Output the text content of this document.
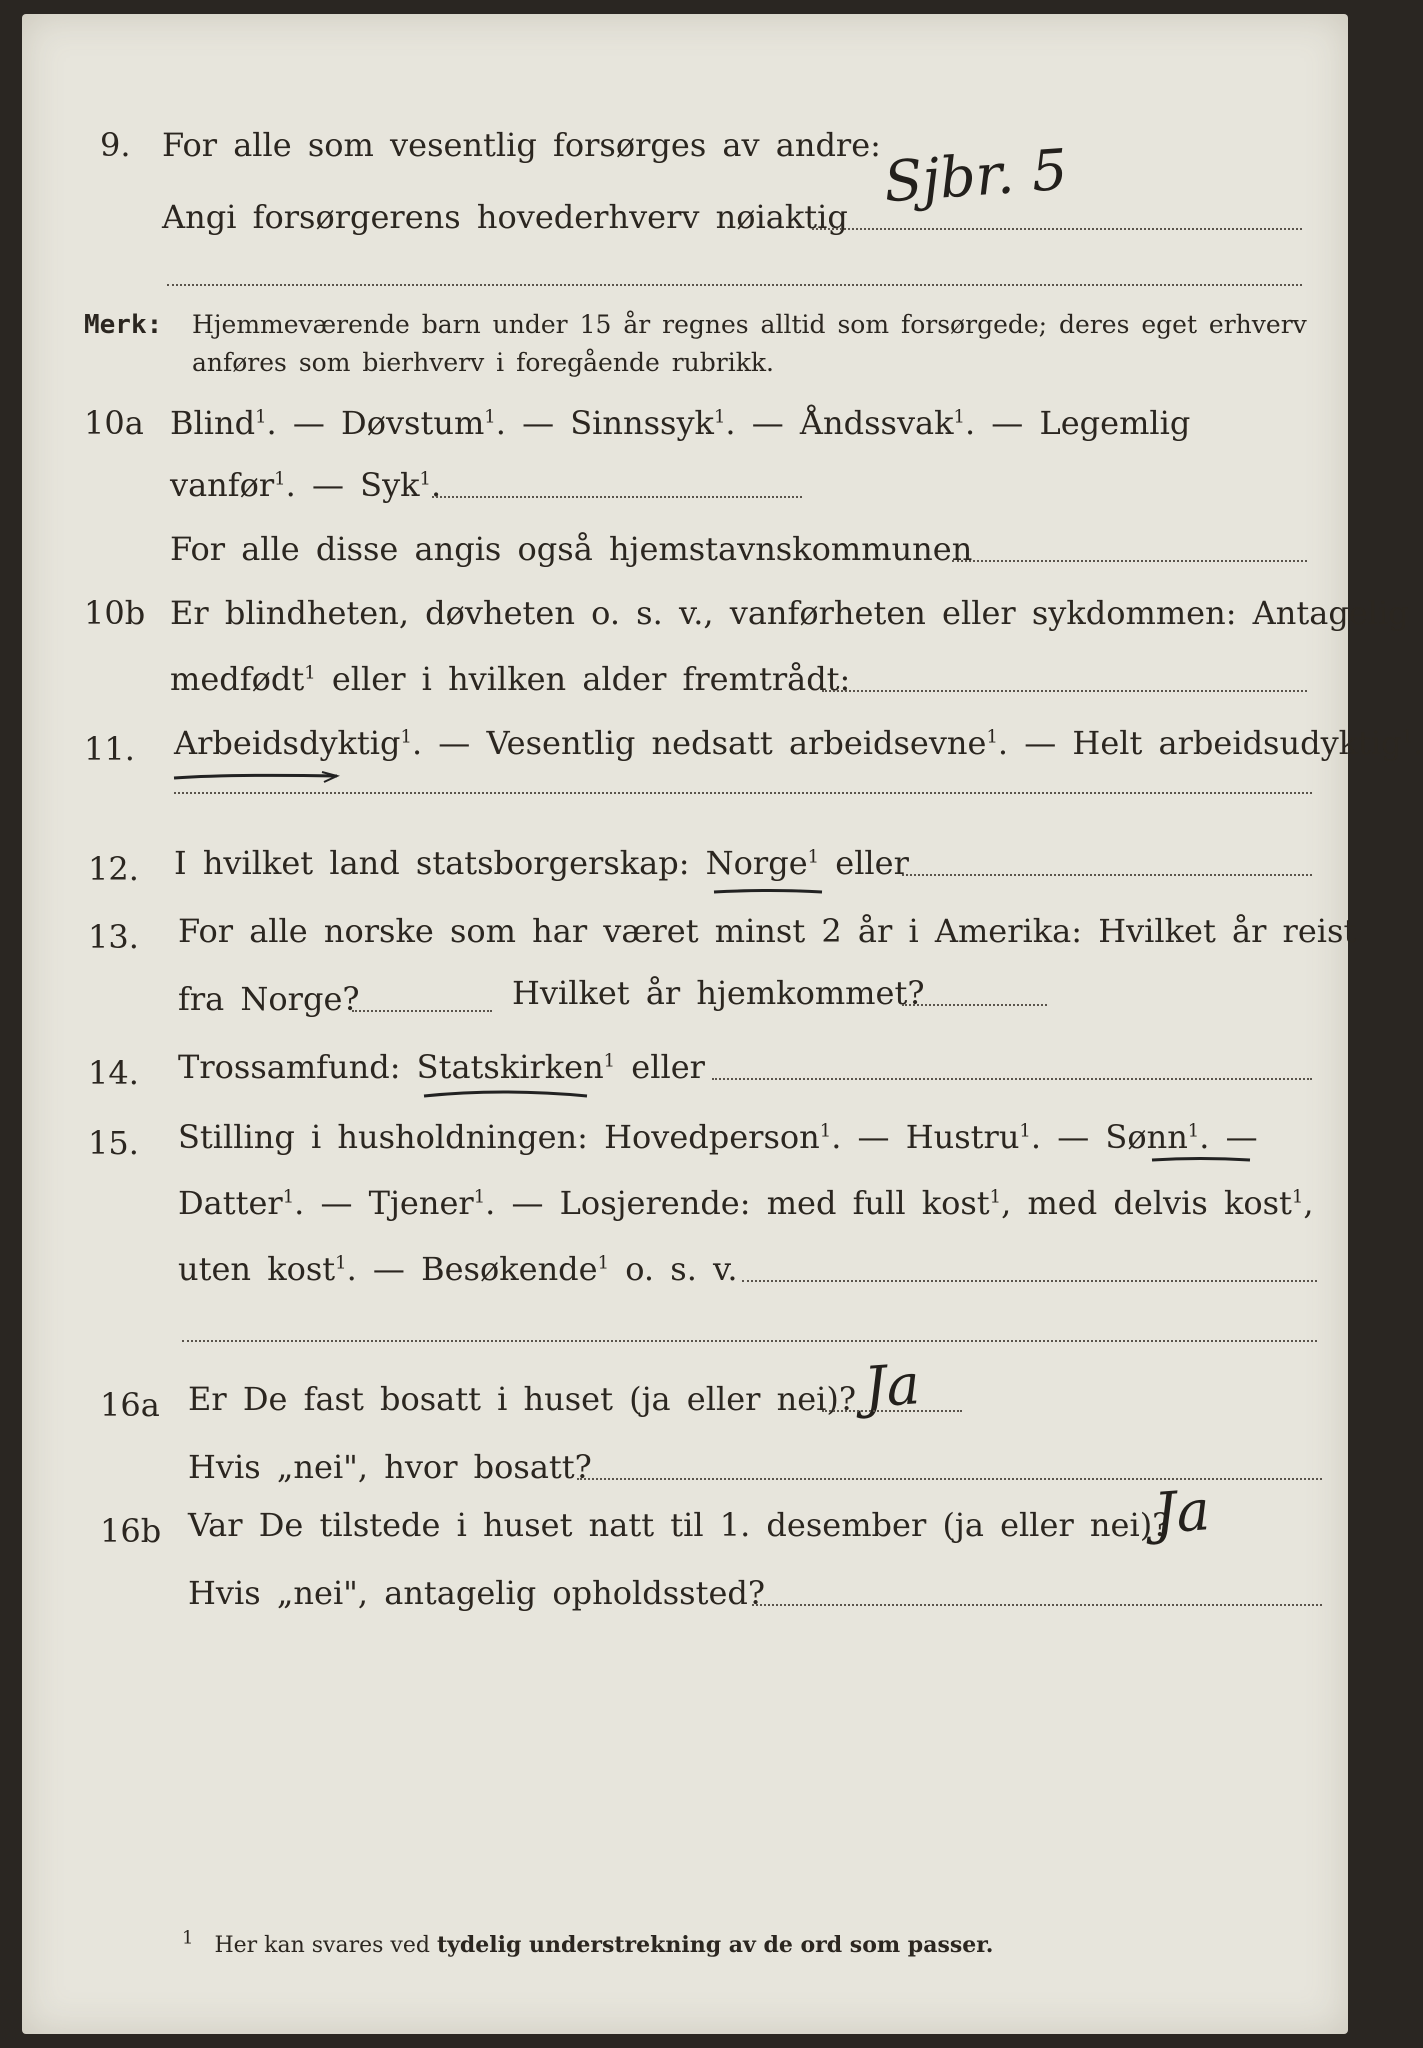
9. For alle som vesentlig forsørges av andre: Sjbr. 5
Angi forsørgerens hovederhverv nøiaktig
Merk: Hjemmeværende barn under 15 år regnes alltid som forsørgede; deres eget erhverv
anføres som bierhverv i foregående rubrikk.
10a Blind$^1$. — Døvstum$^1$. — Sinnssyk$^1$. — Åndssvak$^1$. — Legemlig
vanfør$^1$. — Syk$^1$.
For alle disse angis også hjemstavnskommunen
10b Er blindheten, døvheten o. s. v., vanførheten eller sykdommen: Antagelig
medfødt$^1$ eller i hvilken alder fremtrådt:
11. Arbeidsdyktig$^1$. — Vesentlig nedsatt arbeidsevne$^1$. — Helt arbeidsudyktig$^1$.
12. I hvilket land statsborgerskap: Norge$^1$ eller
13. For alle norske som har været minst 2 år i Amerika: Hvilket år reist
fra Norge?	Hvilket år hjemkommet?
14. Trossamfund: Statskirken$^1$ eller
15. Stilling i husholdningen: Hovedperson$^1$. — Hustru$^1$. — Sønn$^1$. —
Datter$^1$. — Tjener$^1$. — Losjerende: med full kost$^1$, med delvis kost$^1$,
uten kost$^1$. — Besøkende$^1$ o. s. v.
16a Er De fast bosatt i huset (ja eller nei)? Ja
Hvis „nei", hvor bosatt?
16b Var De tilstede i huset natt til 1. desember (ja eller nei)?
Ja
Hvis „nei", antagelig opholdssted?
$^1$ Her kan svares ved tydelig understrekning av de ord som passer.
